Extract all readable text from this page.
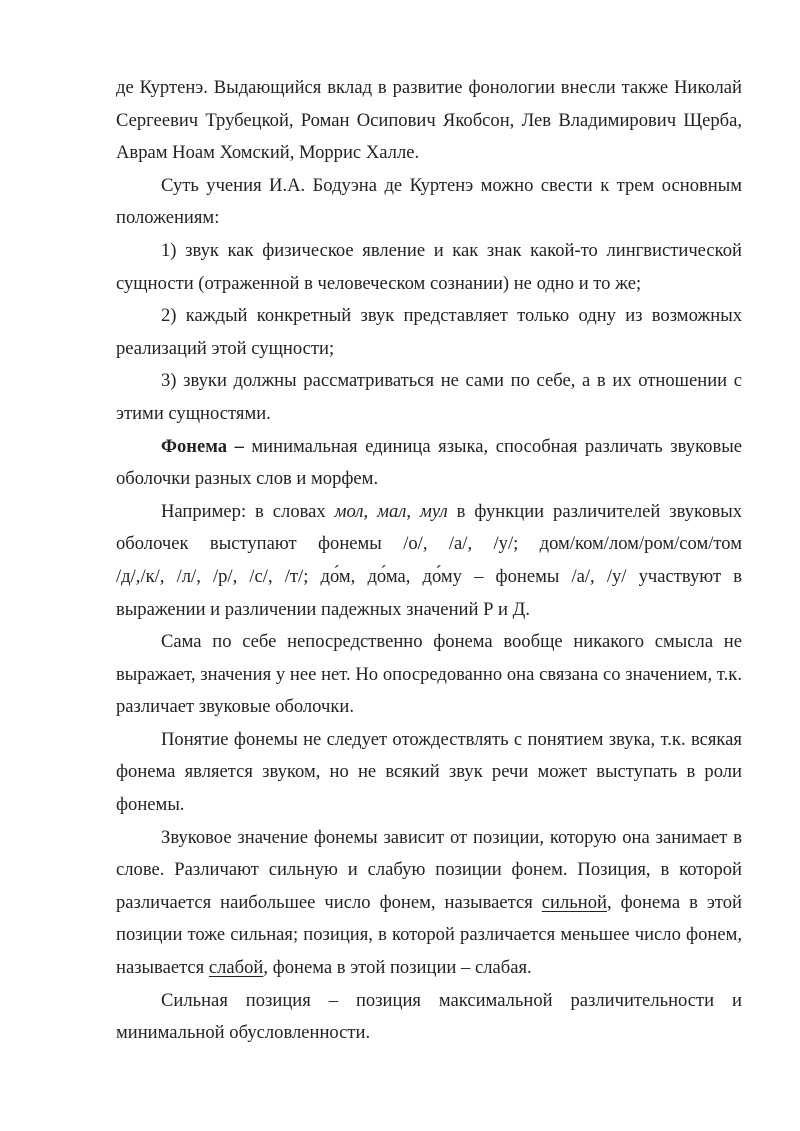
де Куртенэ. Выдающийся вклад в развитие фонологии внесли также Николай Сергеевич Трубецкой, Роман Осипович Якобсон, Лев Владимирович Щерба, Аврам Ноам Хомский, Моррис Халле.

Суть учения И.А. Бодуэна де Куртенэ можно свести к трем основным положениям:

1) звук как физическое явление и как знак какой-то лингвистической сущности (отраженной в человеческом сознании) не одно и то же;

2) каждый конкретный звук представляет только одну из возможных реализаций этой сущности;

3) звуки должны рассматриваться не сами по себе, а в их отношении с этими сущностями.

Фонема – минимальная единица языка, способная различать звуковые оболочки разных слов и морфем.

Например: в словах мол, мал, мул в функции различителей звуковых

оболочек выступают фонемы /о/, /а/, /у/; дом/ком/лом/ром/сом/том

/д/,/к/, /л/, /р/, /с/, /т/; до́м, до́ма, до́му – фонемы /а/, /у/ участвуют в

выражении и различении падежных значений Р и Д.

Сама по себе непосредственно фонема вообще никакого смысла не выражает, значения у нее нет. Но опосредованно она связана со значением, т.к. различает звуковые оболочки.

Понятие фонемы не следует отождествлять с понятием звука, т.к. всякая фонема является звуком, но не всякий звук речи может выступать в роли фонемы.

Звуковое значение фонемы зависит от позиции, которую она занимает в слове. Различают сильную и слабую позиции фонем. Позиция, в которой различается наибольшее число фонем, называется сильной, фонема в этой позиции тоже сильная; позиция, в которой различается меньшее число фонем, называется слабой, фонема в этой позиции – слабая.

Сильная позиция – позиция максимальной различительности и минимальной обусловленности.
